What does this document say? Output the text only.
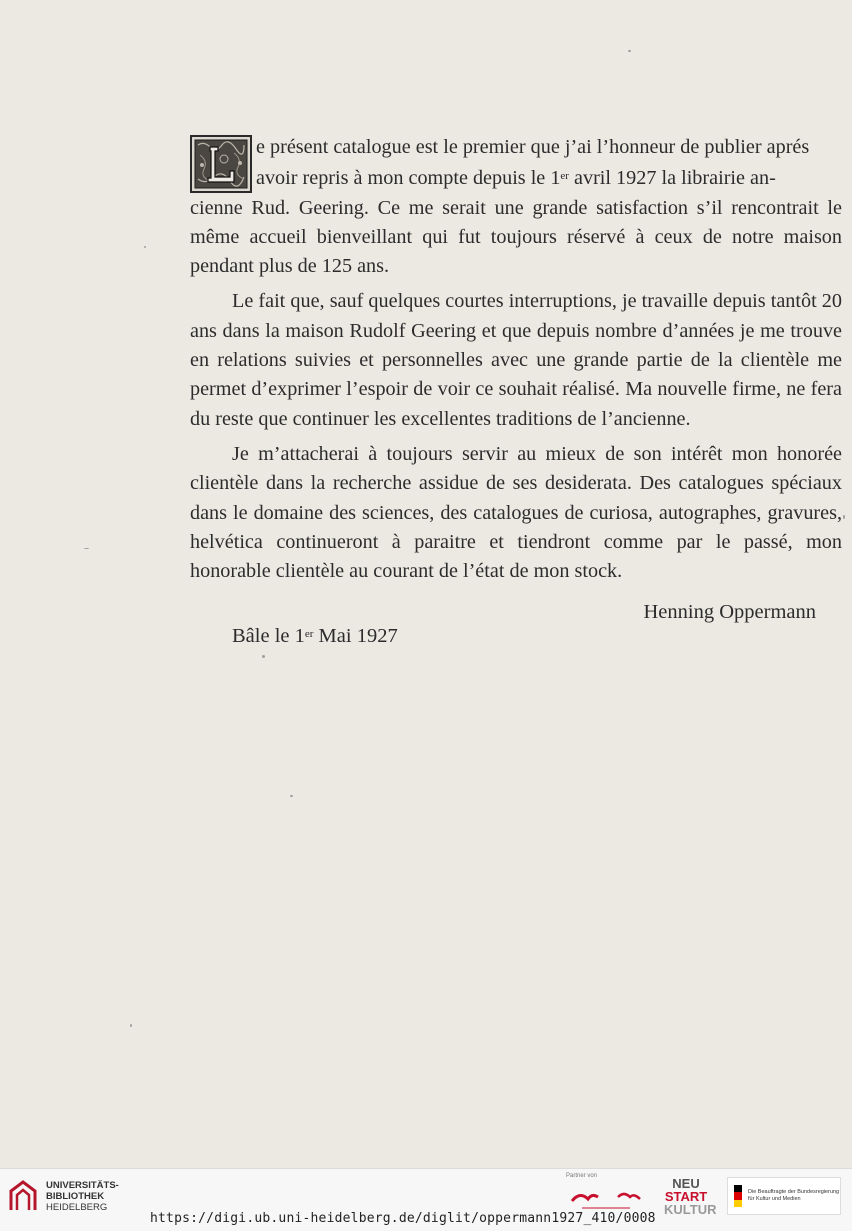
e présent catalogue est le premier que j’ai l’honneur de publier aprés
avoir repris à mon compte depuis le 1er avril 1927 la librairie an-

cienne Rud. Geering. Ce me serait une grande satisfaction s’il rencontrait le même accueil bienveillant qui fut toujours réservé à ceux de notre maison pendant plus de 125 ans.

Le fait que, sauf quelques courtes interruptions, je travaille depuis tantôt 20 ans dans la maison Rudolf Geering et que depuis nombre d’années je me trouve en relations suivies et personnelles avec une grande partie de la clientèle me permet d’exprimer l’espoir de voir ce souhait réalisé. Ma nouvelle firme, ne fera du reste que continuer les excellentes traditions de l’ancienne.

Je m’attacherai à toujours servir au mieux de son intérêt mon honorée clientèle dans la recherche assidue de ses desiderata. Des catalogues spéciaux dans le domaine des sciences, des catalogues de curiosa, autographes, gravures, helvética continueront à paraitre et tiendront comme par le passé, mon honorable clientèle au courant de l’état de mon stock.

Henning Oppermann
Bâle le 1er Mai 1927
UNIVERSITÄTS-
BIBLIOTHEK
HEIDELBERG
https://digi.ub.uni-heidelberg.de/diglit/oppermann1927_410/0008
Partner von	NEU
START
KULTUR
Die Beauftragte der Bundesregierung
für Kultur und Medien
